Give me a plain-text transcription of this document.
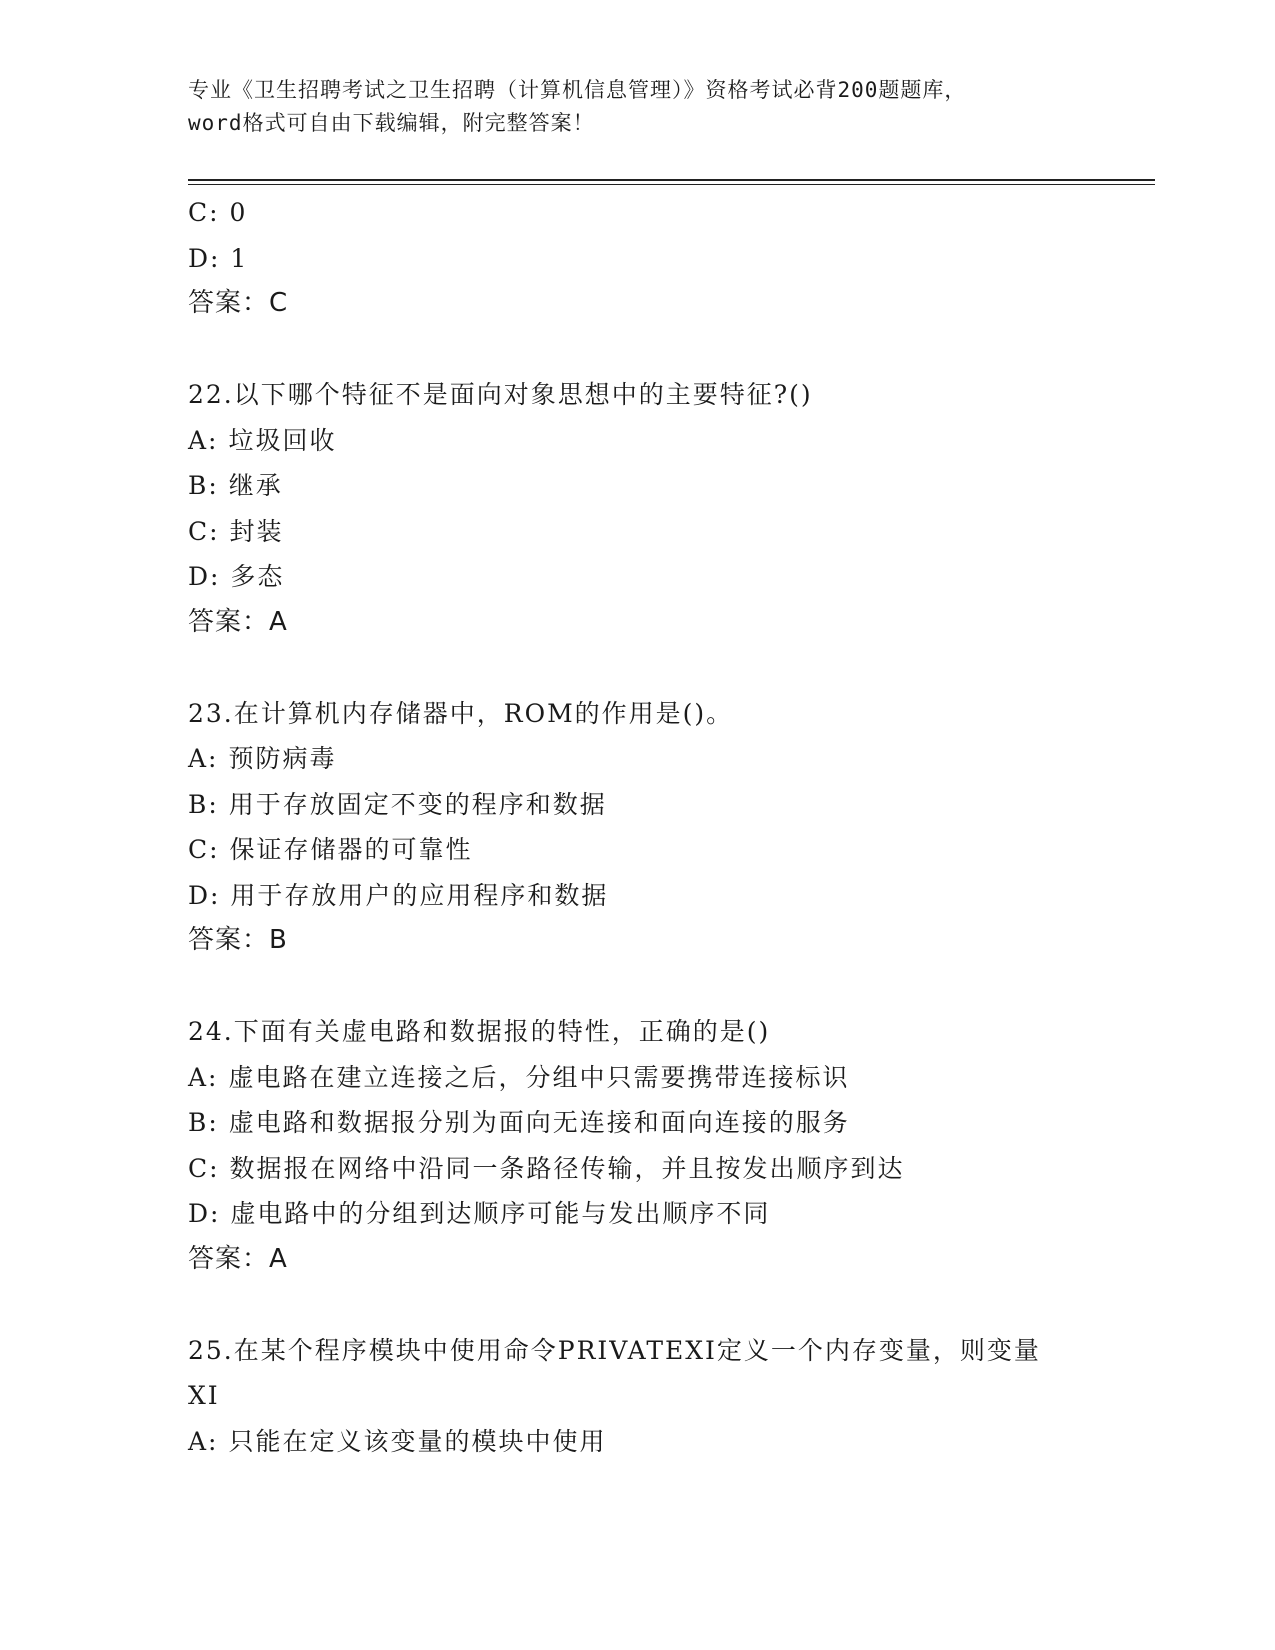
专业《卫生招聘考试之卫生招聘（计算机信息管理）》资格考试必背200题题库，
word格式可自由下载编辑，附完整答案！
C: 0
D: 1
答案：C
22.以下哪个特征不是面向对象思想中的主要特征?()
A: 垃圾回收
B: 继承
C: 封装
D: 多态
答案：A
23.在计算机内存储器中，ROM的作用是()。
A: 预防病毒
B: 用于存放固定不变的程序和数据
C: 保证存储器的可靠性
D: 用于存放用户的应用程序和数据
答案：B
24.下面有关虚电路和数据报的特性，正确的是()
A: 虚电路在建立连接之后，分组中只需要携带连接标识
B: 虚电路和数据报分别为面向无连接和面向连接的服务
C: 数据报在网络中沿同一条路径传输，并且按发出顺序到达
D: 虚电路中的分组到达顺序可能与发出顺序不同
答案：A
25.在某个程序模块中使用命令PRIVATEXI定义一个内存变量，则变量
XI
A: 只能在定义该变量的模块中使用
